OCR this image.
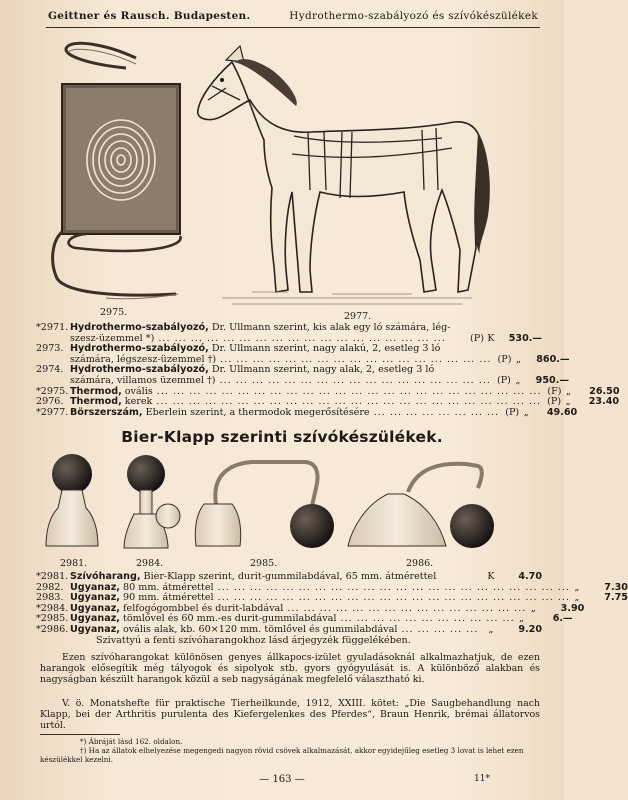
Geittner és Rausch. Budapesten.	Hydrothermo-szabályozó és szívókészülékek
2975.	2977.
*2971. Hydrothermo-szabályozó, Dr. Ullmann szerint, kis alak egy ló számára, lég-
szesz-üzemmel *) ... ... ... ... ... ... ... ... ... ... ... ... ... ... ... ... ... ...	(P) K	530.—
2973. Hydrothermo-szabályozó, Dr. Ullmann szerint, nagy alakú, 2, esetleg 3 ló
számára, légszesz-üzemmel †) ... ... ... ... ... ... ... ... ... ... ... ... ... ... ... ... ... (P) „	860.—
2974. Hydrothermo-szabályozó, Dr. Ullmann szerint, nagy alak, 2, esetleg 3 ló
számára, villamos üzemmel †) ... ... ... ... ... ... ... ... ... ... ... ... ... ... ... ... ... (P) „	950.—
*2975. Thermod, ovális ... ... ... ... ... ... ... ... ... ... ... ... ... ... ... ... ... ... ... ... ... ... ... ... (F) „	26.50
2976. Thermod, kerek ... ... ... ... ... ... ... ... ... ... ... ... ... ... ... ... ... ... ... ... ... ... ... ... (P) „	23.40
*2977. Börszerszám, Eberlein szerint, a thermodok megerősítésére ... ... ... ... ... ... ... ... (P) „	49.60
Bier-Klapp szerinti szívókészülékek.
2981.	2984.	2985.	2986.
*2981. Szívóharang, Bier-Klapp szerint, durit-gummilabdával, 65 mm. átmérettel	K	4.70
2982. Ugyanaz, 80 mm. átmérettel ... ... ... ... ... ... ... ... ... ... ... ... ... ... ... ... ... ... ... ... ... ... „	7.30
2983. Ugyanaz, 90 mm. átmérettel ... ... ... ... ... ... ... ... ... ... ... ... ... ... ... ... ... ... ... ... ... ... „	7.75
*2984. Ugyanaz, felfogógombbel és durit-labdával ... ... ... ... ... ... ... ... ... ... ... ... ... ... ... „	3.90
*2985. Ugyanaz, tömlővel és 60 mm.-es durit-gummilabdával ... ... ... ... ... ... ... ... ... ... ... „	6.—
*2986. Ugyanaz, ovális alak, kb. 60×120 mm. tömlővel és gummilabdával ... ... ... ... ...	„	9.20
Szivattyú a fenti szívóharangokhoz lásd árjegyzék függelékében.
Ezen szívóharangokat különösen genyes állkapocs-izület gyuladásoknál alkalmazhatjuk, de ezen harangok elősegítik még tályogok és sipolyok stb. gyors gyógyulását is. A különböző alakban és nagyságban készült harangok közül a seb nagyságának megfelelő választható ki.
V. ö. Monatshefte für praktische Tierheilkunde, 1912, XXIII. kötet: „Die Saugbehandlung nach Klapp, bei der Arthritis purulenta des Kiefergelenkes des Pferdes“, Braun Henrik, brémai állatorvos urtól.
*) Ábráját lásd 162. oldalon.
†) Ha az állatok elhelyezése megengedi nagyon rövid csövek alkalmazását, akkor egyidejűleg esetleg 3 lovat is lehet ezen készülékkel kezelni.
— 163 —	11*
